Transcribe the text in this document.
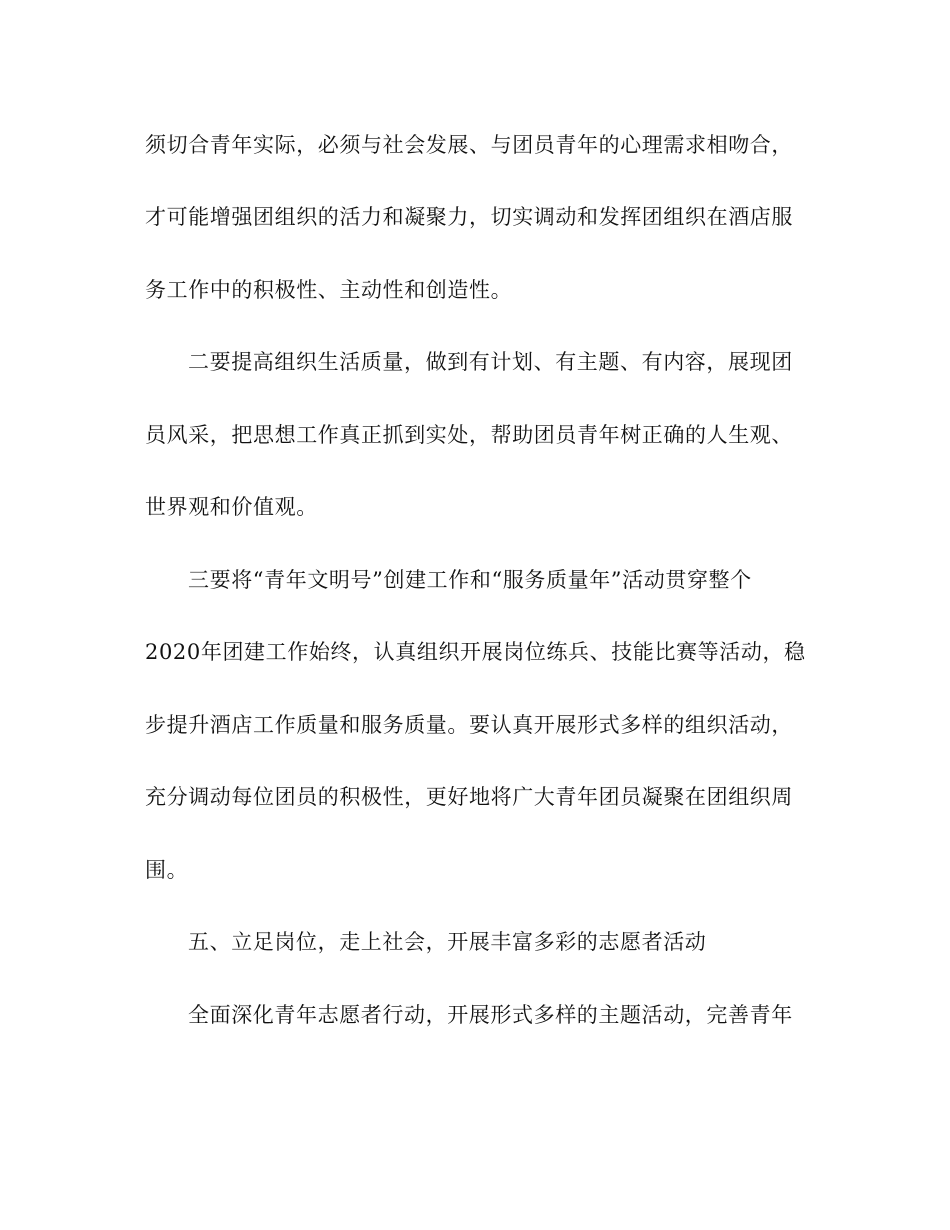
须切合青年实际，必须与社会发展、与团员青年的心理需求相吻合，

才可能增强团组织的活力和凝聚力，切实调动和发挥团组织在酒店服

务工作中的积极性、主动性和创造性。

二要提高组织生活质量，做到有计划、有主题、有内容，展现团

员风采，把思想工作真正抓到实处，帮助团员青年树正确的人生观、

世界观和价值观。

三要将“青年文明号”创建工作和“服务质量年”活动贯穿整个

2020年团建工作始终，认真组织开展岗位练兵、技能比赛等活动，稳

步提升酒店工作质量和服务质量。要认真开展形式多样的组织活动，

充分调动每位团员的积极性，更好地将广大青年团员凝聚在团组织周

围。

五、立足岗位，走上社会，开展丰富多彩的志愿者活动

全面深化青年志愿者行动，开展形式多样的主题活动，完善青年
